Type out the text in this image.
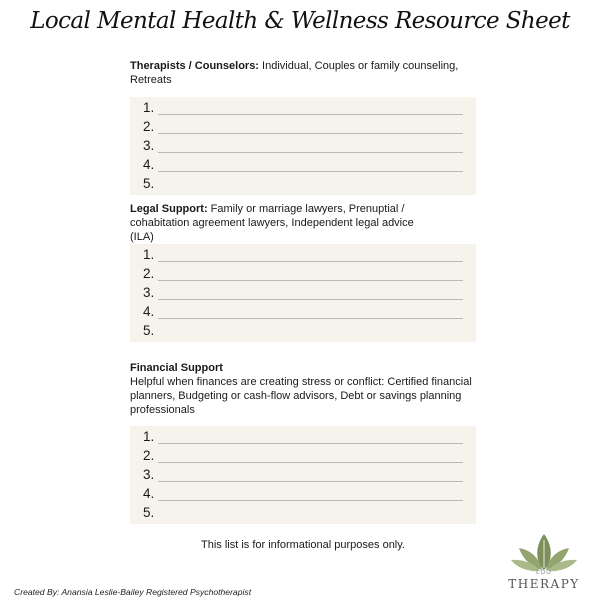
Local Mental Health & Wellness Resource Sheet
Therapists / Counselors: Individual, Couples or family counseling, Retreats
1.
2.
3.
4.
5.
Legal Support: Family or marriage lawyers, Prenuptial / cohabitation agreement lawyers, Independent legal advice (ILA)
1.
2.
3.
4.
5.
Financial Support
Helpful when finances are creating stress or conflict: Certified financial planners, Budgeting or cash-flow advisors, Debt or savings planning professionals
1.
2.
3.
4.
5.
This list is for informational purposes only.
Created By: Anansia Leslie-Bailey Registered Psychotherapist
LOO
THERAPY
